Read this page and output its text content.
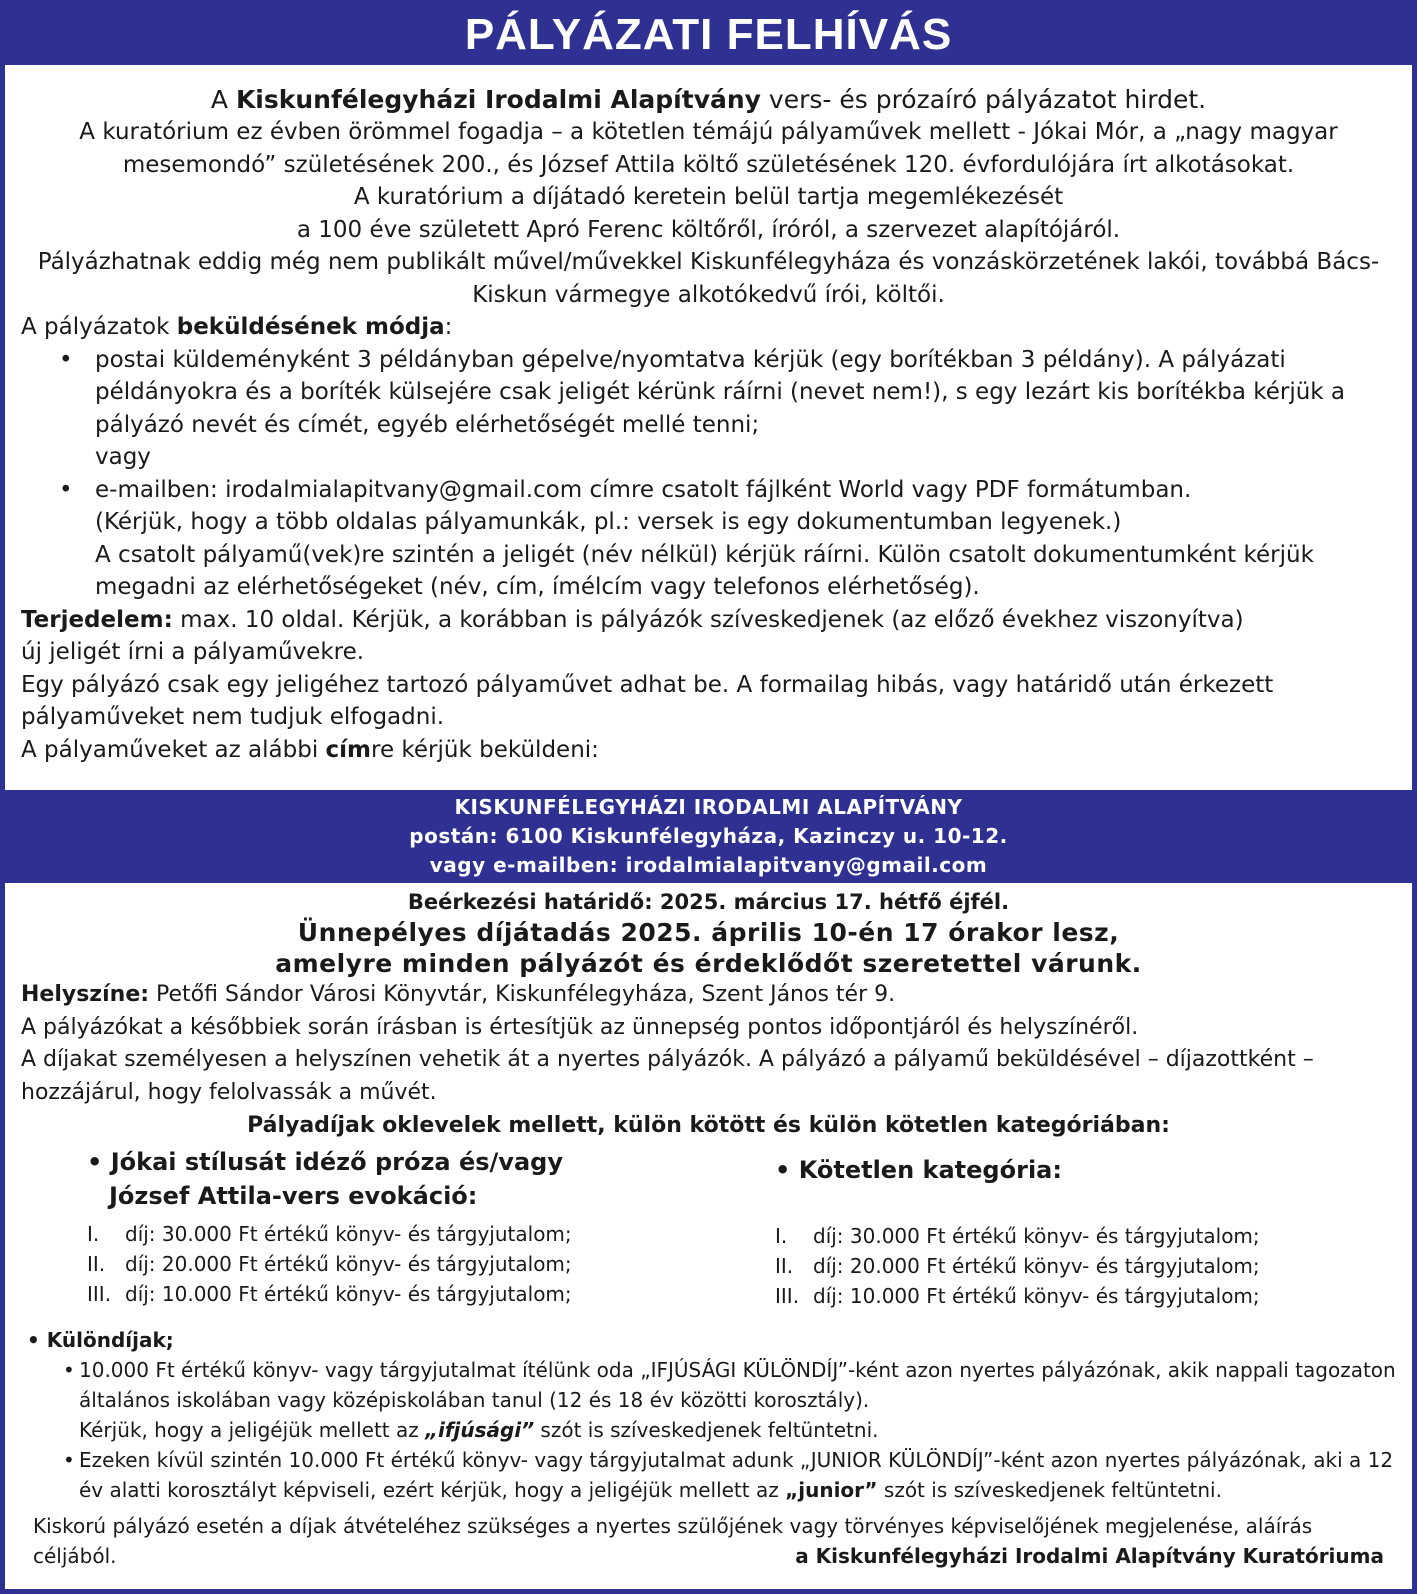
PÁLYÁZATI FELHÍVÁS

A Kiskunfélegyházi Irodalmi Alapítvány vers- és prózaíró pályázatot hirdet.

A kuratórium ez évben örömmel fogadja – a kötetlen témájú pályaművek mellett - Jókai Mór, a „nagy magyar mesemondó” születésének 200., és József Attila költő születésének 120. évfordulójára írt alkotásokat.

A kuratórium a díjátadó keretein belül tartja megemlékezését

a 100 éve született Apró Ferenc költőről, íróról, a szervezet alapítójáról.

Pályázhatnak eddig még nem publikált művel/művekkel Kiskunfélegyháza és vonzáskörzetének lakói, továbbá Bács-Kiskun vármegye alkotókedvű írói, költői.

A pályázatok beküldésének módja:

• postai küldeményként 3 példányban gépelve/nyomtatva kérjük (egy borítékban 3 példány). A pályázati példányokra és a boríték külsejére csak jeligét kérünk ráírni (nevet nem!), s egy lezárt kis borítékba kérjük a pályázó nevét és címét, egyéb elérhetőségét mellé tenni;
vagy
• e-mailben: irodalmialapitvany@gmail.com címre csatolt fájlként World vagy PDF formátumban.
(Kérjük, hogy a több oldalas pályamunkák, pl.: versek is egy dokumentumban legyenek.)
A csatolt pályamű(vek)re szintén a jeligét (név nélkül) kérjük ráírni. Külön csatolt dokumentumként kérjük megadni az elérhetőségeket (név, cím, ímélcím vagy telefonos elérhetőség).

Terjedelem: max. 10 oldal. Kérjük, a korábban is pályázók szíveskedjenek (az előző évekhez viszonyítva) új jeligét írni a pályaművekre.

Egy pályázó csak egy jeligéhez tartozó pályaművet adhat be. A formailag hibás, vagy határidő után érkezett pályaműveket nem tudjuk elfogadni.

A pályaműveket az alábbi címre kérjük beküldeni:

KISKUNFÉLEGYHÁZI IRODALMI ALAPÍTVÁNY
postán: 6100 Kiskunfélegyháza, Kazinczy u. 10-12.
vagy e-mailben: irodalmialapitvany@gmail.com

Beérkezési határidő: 2025. március 17. hétfő éjfél.

Ünnepélyes díjátadás 2025. április 10-én 17 órakor lesz,

amelyre minden pályázót és érdeklődőt szeretettel várunk.

Helyszíne: Petőfi Sándor Városi Könyvtár, Kiskunfélegyháza, Szent János tér 9.

A pályázókat a későbbiek során írásban is értesítjük az ünnepség pontos időpontjáról és helyszínéről.

A díjakat személyesen a helyszínen vehetik át a nyertes pályázók. A pályázó a pályamű beküldésével – díjazottként – hozzájárul, hogy felolvassák a művét.

Pályadíjak oklevelek mellett, külön kötött és külön kötetlen kategóriában:

• Jókai stílusát idéző próza és/vagy

József Attila-vers evokáció:

I. díj: 30.000 Ft értékű könyv- és tárgyjutalom;

II. díj: 20.000 Ft értékű könyv- és tárgyjutalom;

III. díj: 10.000 Ft értékű könyv- és tárgyjutalom;

• Kötetlen kategória:

I. díj: 30.000 Ft értékű könyv- és tárgyjutalom;

II. díj: 20.000 Ft értékű könyv- és tárgyjutalom;

III. díj: 10.000 Ft értékű könyv- és tárgyjutalom;

• Különdíjak;

• 10.000 Ft értékű könyv- vagy tárgyjutalmat ítélünk oda „IFJÚSÁGI KÜLÖNDÍJ”-ként azon nyertes pályázónak, akik nappali tagozaton általános iskolában vagy középiskolában tanul (12 és 18 év közötti korosztály).
Kérjük, hogy a jeligéjük mellett az „ifjúsági” szót is szíveskedjenek feltüntetni.
• Ezeken kívül szintén 10.000 Ft értékű könyv- vagy tárgyjutalmat adunk „JUNIOR KÜLÖNDÍJ”-ként azon nyertes pályázónak, aki a 12 év alatti korosztályt képviseli, ezért kérjük, hogy a jeligéjük mellett az „junior” szót is szíveskedjenek feltüntetni.
Kiskorú pályázó esetén a díjak átvételéhez szükséges a nyertes szülőjének vagy törvényes képviselőjének megjelenése, aláírás céljából.	a Kiskunfélegyházi Irodalmi Alapítvány Kuratóriuma
